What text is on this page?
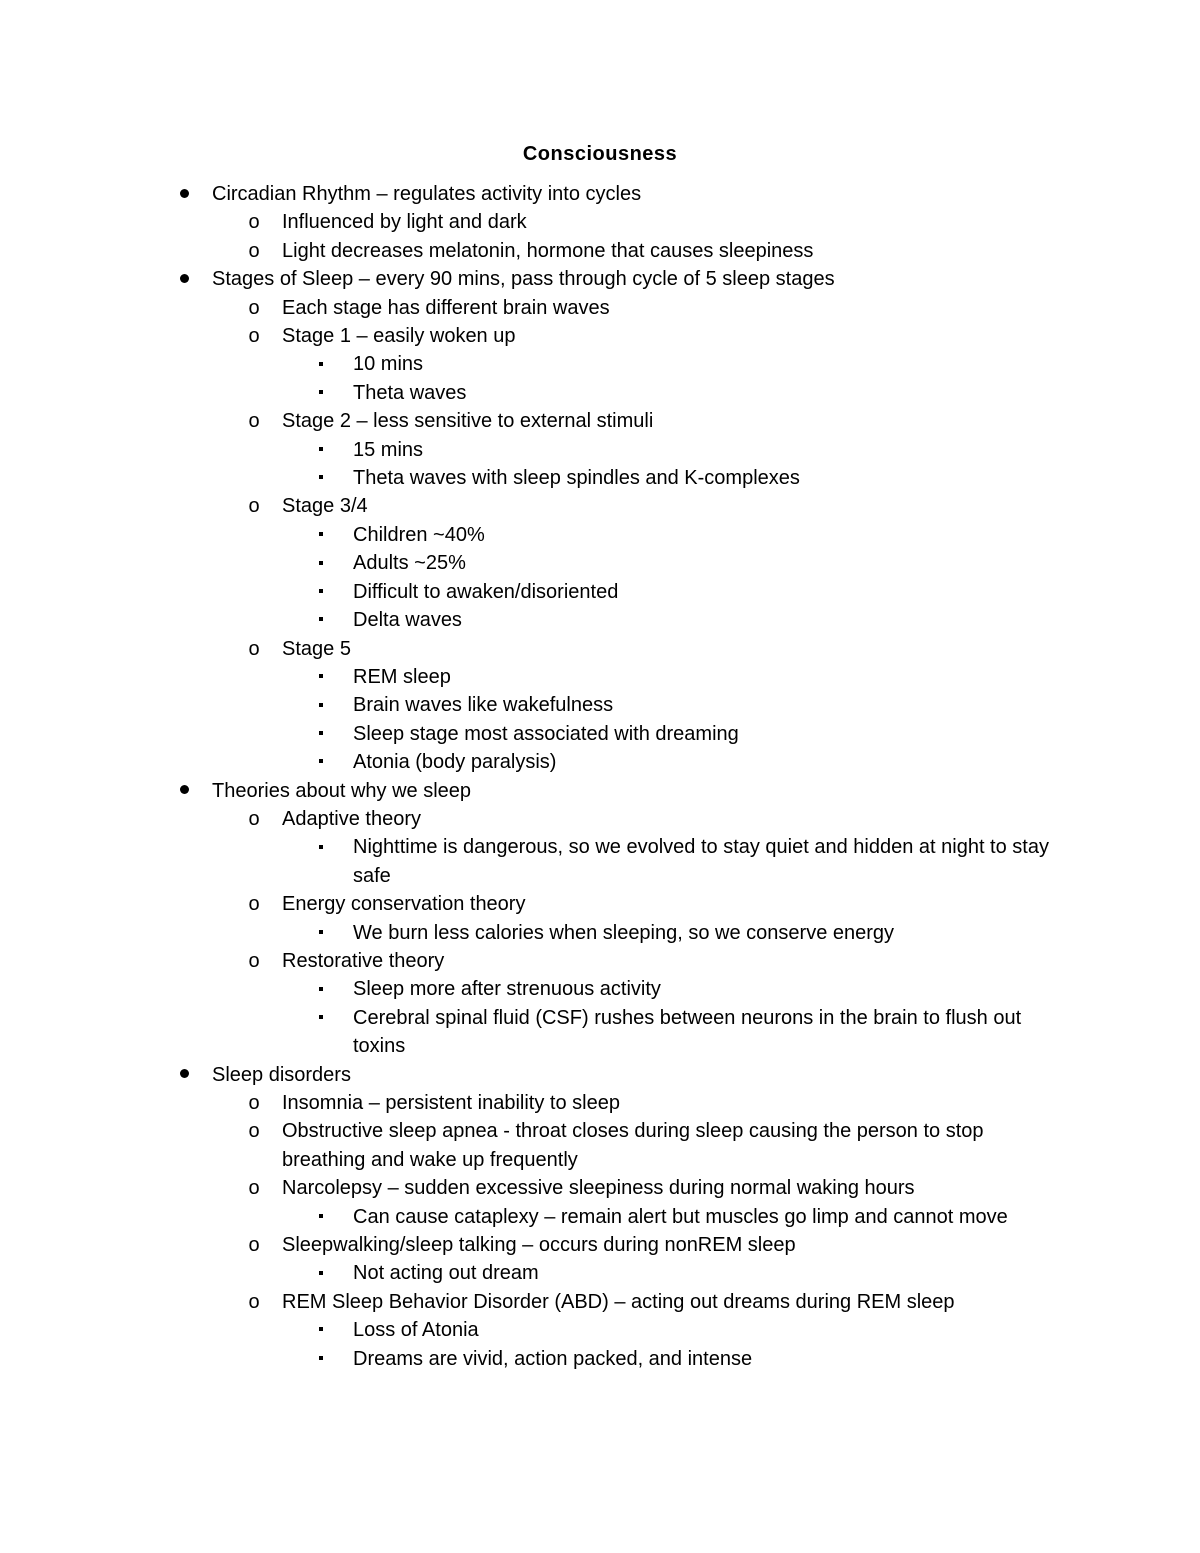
Consciousness
Circadian Rhythm – regulates activity into cycles
o Influenced by light and dark
o Light decreases melatonin, hormone that causes sleepiness
Stages of Sleep – every 90 mins, pass through cycle of 5 sleep stages
o Each stage has different brain waves
o Stage 1 – easily woken up
10 mins
Theta waves
o Stage 2 – less sensitive to external stimuli
15 mins
Theta waves with sleep spindles and K-complexes
o Stage 3/4
Children ~40%
Adults ~25%
Difficult to awaken/disoriented
Delta waves
o Stage 5
REM sleep
Brain waves like wakefulness
Sleep stage most associated with dreaming
Atonia (body paralysis)
Theories about why we sleep
o Adaptive theory
Nighttime is dangerous, so we evolved to stay quiet and hidden at night to stay safe
o Energy conservation theory
We burn less calories when sleeping, so we conserve energy
o Restorative theory
Sleep more after strenuous activity
Cerebral spinal fluid (CSF) rushes between neurons in the brain to flush out toxins
Sleep disorders
o Insomnia – persistent inability to sleep
o Obstructive sleep apnea - throat closes during sleep causing the person to stop breathing and wake up frequently
o Narcolepsy – sudden excessive sleepiness during normal waking hours
Can cause cataplexy – remain alert but muscles go limp and cannot move
o Sleepwalking/sleep talking – occurs during nonREM sleep
Not acting out dream
o REM Sleep Behavior Disorder (ABD) – acting out dreams during REM sleep
Loss of Atonia
Dreams are vivid, action packed, and intense
